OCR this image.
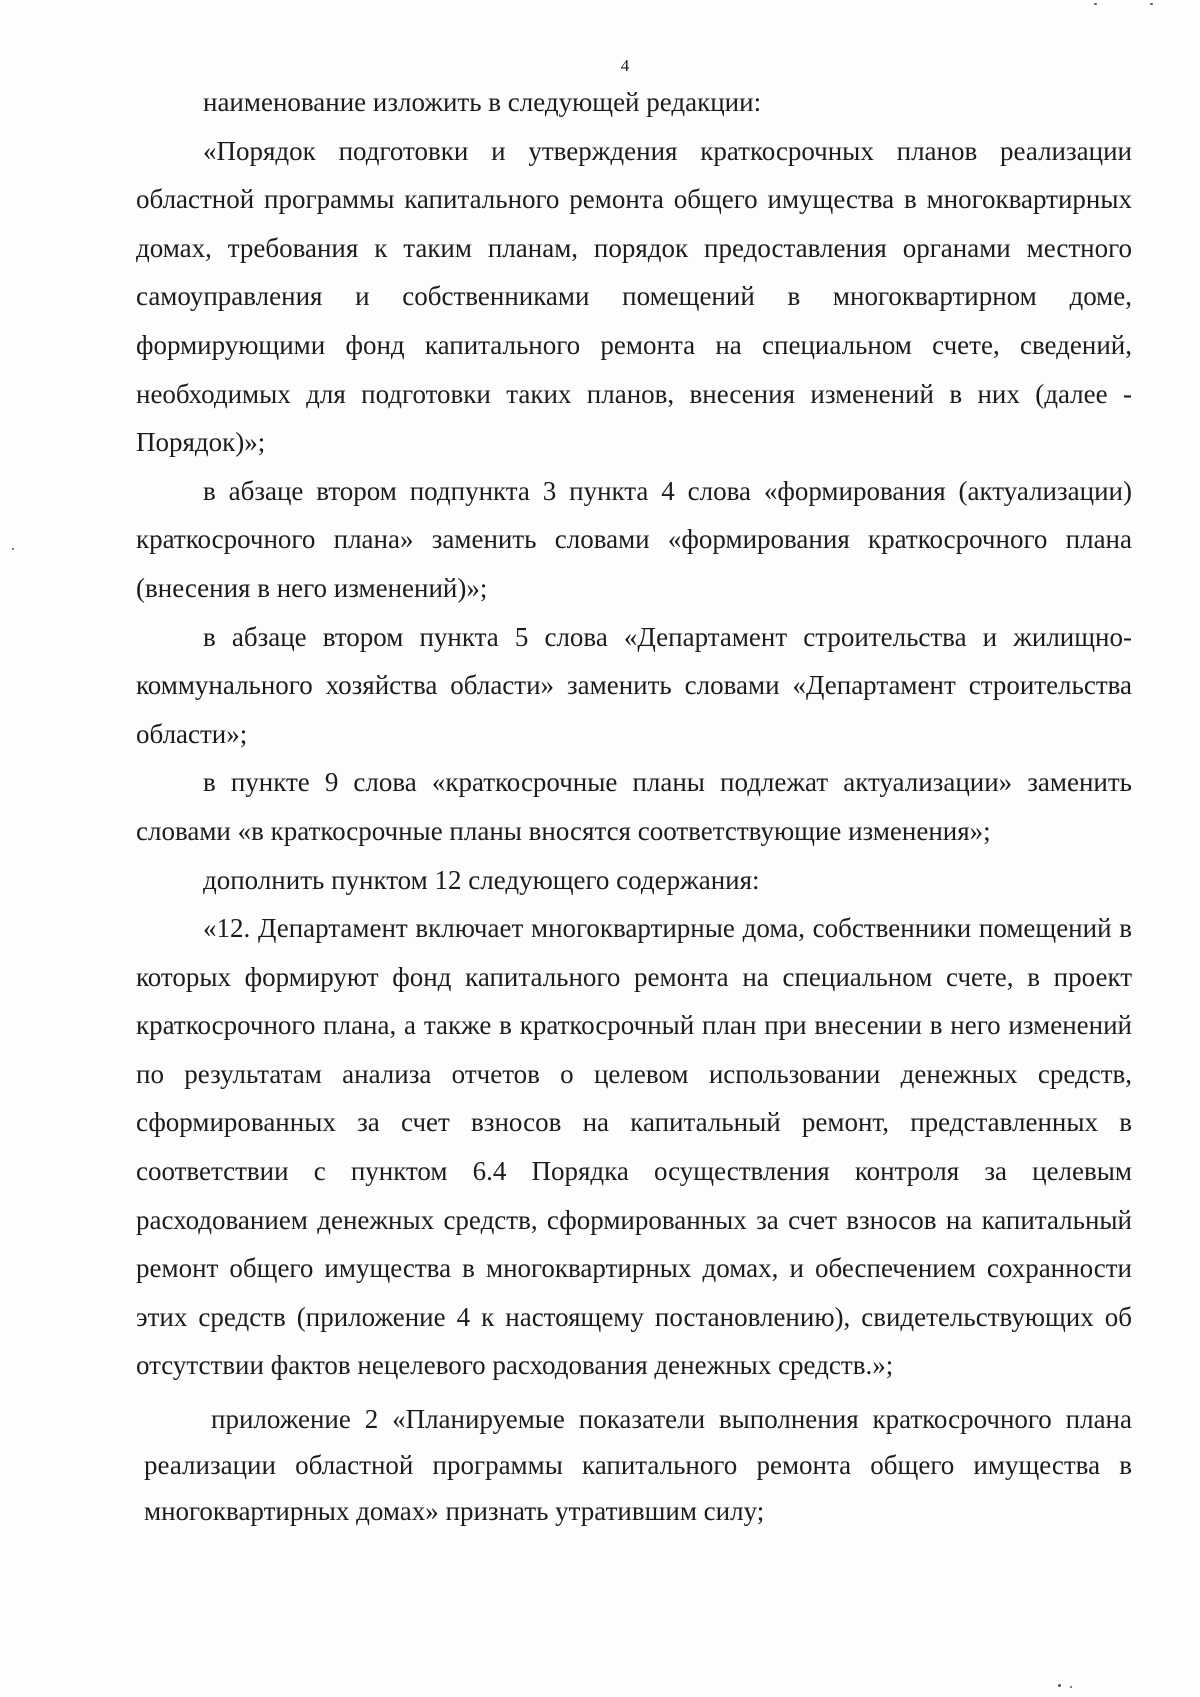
4

наименование изложить в следующей редакции:

«Порядок подготовки и утверждения краткосрочных планов реализации областной программы капитального ремонта общего имущества в многоквартирных домах, требования к таким планам, порядок предоставления органами местного самоуправления и собственниками помещений в многоквартирном доме, формирующими фонд капитального ремонта на специальном счете, сведений, необходимых для подготовки таких планов, внесения изменений в них (далее - Порядок)»;

в абзаце втором подпункта 3 пункта 4 слова «формирования (актуализации) краткосрочного плана» заменить словами «формирования краткосрочного плана (внесения в него изменений)»;

в абзаце втором пункта 5 слова «Департамент строительства и жилищно-коммунального хозяйства области» заменить словами «Департамент строительства области»;

в пункте 9 слова «краткосрочные планы подлежат актуализации» заменить словами «в краткосрочные планы вносятся соответствующие изменения»;

дополнить пунктом 12 следующего содержания:

«12. Департамент включает многоквартирные дома, собственники помещений в которых формируют фонд капитального ремонта на специальном счете, в проект краткосрочного плана, а также в краткосрочный план при внесении в него изменений по результатам анализа отчетов о целевом использовании денежных средств, сформированных за счет взносов на капитальный ремонт, представленных в соответствии с пунктом 6.4 Порядка осуществления контроля за целевым расходованием денежных средств, сформированных за счет взносов на капитальный ремонт общего имущества в многоквартирных домах, и обеспечением сохранности этих средств (приложение 4 к настоящему постановлению), свидетельствующих об отсутствии фактов нецелевого расходования денежных средств.»;

приложение 2 «Планируемые показатели выполнения краткосрочного плана реализации областной программы капитального ремонта общего имущества в многоквартирных домах» признать утратившим силу;
